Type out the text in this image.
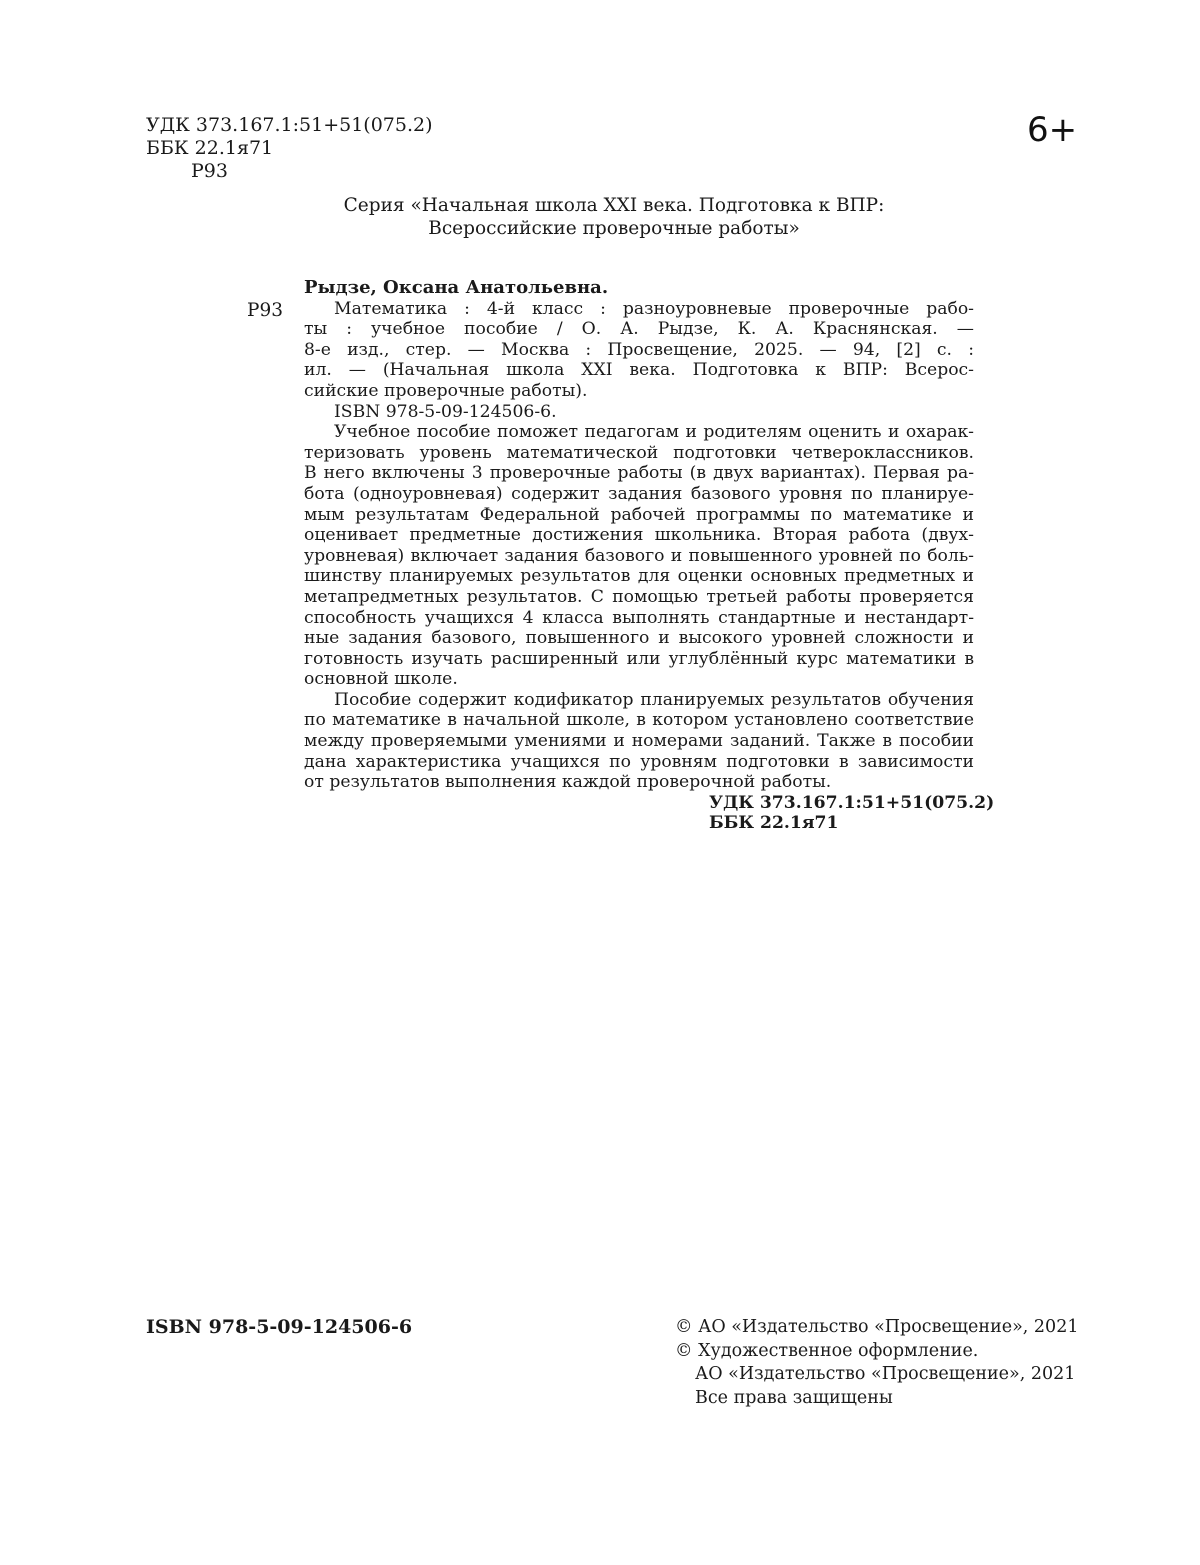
УДК 373.167.1:51+51(075.2)
ББК 22.1я71
Р93
6+
Серия «Начальная школа XXI века. Подготовка к ВПР:
Всероссийские проверочные работы»
Р93
Рыдзе, Оксана Анатольевна.
Математика : 4-й класс : разноуровневые проверочные рабо-
ты : учебное пособие / О. А. Рыдзе, К. А. Краснянская. —
8-е изд., стер. — Москва : Просвещение, 2025. — 94, [2] с. :
ил. — (Начальная школа XXI века. Подготовка к ВПР: Всерос-
сийские проверочные работы).
ISBN 978-5-09-124506-6.
Учебное пособие поможет педагогам и родителям оценить и охарак-
теризовать уровень математической подготовки четвероклассников.
В него включены 3 проверочные работы (в двух вариантах). Первая ра-
бота (одноуровневая) содержит задания базового уровня по планируе-
мым результатам Федеральной рабочей программы по математике и
оценивает предметные достижения школьника. Вторая работа (двух-
уровневая) включает задания базового и повышенного уровней по боль-
шинству планируемых результатов для оценки основных предметных и
метапредметных результатов. С помощью третьей работы проверяется
способность учащихся 4 класса выполнять стандартные и нестандарт-
ные задания базового, повышенного и высокого уровней сложности и
готовность изучать расширенный или углублённый курс математики в
основной школе.
Пособие содержит кодификатор планируемых результатов обучения
по математике в начальной школе, в котором установлено соответствие
между проверяемыми умениями и номерами заданий. Также в пособии
дана характеристика учащихся по уровням подготовки в зависимости
от результатов выполнения каждой проверочной работы.
УДК 373.167.1:51+51(075.2)
ББК 22.1я71
ISBN 978-5-09-124506-6	© АО «Издательство «Просвещение», 2021
© Художественное оформление.
АО «Издательство «Просвещение», 2021
Все права защищены
